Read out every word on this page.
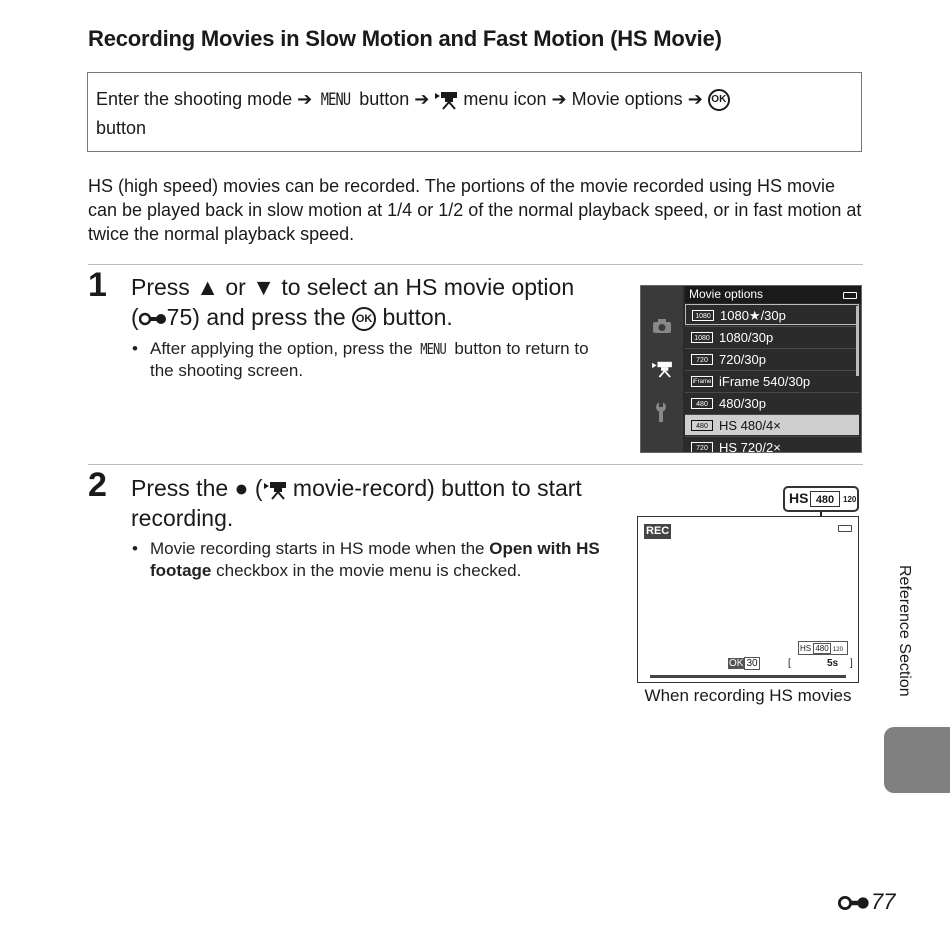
Recording Movies in Slow Motion and Fast Motion (HS Movie)
Enter the shooting mode ➔ MENU button ➔ menu icon ➔ Movie options ➔ OK
button
HS (high speed) movies can be recorded. The portions of the movie recorded using HS movie can be played back in slow motion at 1/4 or 1/2 of the normal playback speed, or in fast motion at twice the normal playback speed.
1 Press ▲ or ▼ to select an HS movie option
( 75) and press the OK button.
• After applying the option, press the MENU button to return to the shooting screen.
Movie options
1080 1080★/30p
1080 1080/30p
720 720/30p
iFrame iFrame 540/30p
480 480/30p
480 HS 480/4×
720 HS 720/2×
2 Press the ● ( movie-record) button to start
recording.
• Movie recording starts in HS mode when the Open with HS footage checkbox in the movie menu is checked.
HS 480	120
REC
HS 480 120
OK 30	[	5s ]
When recording HS movies	Reference Section
77
